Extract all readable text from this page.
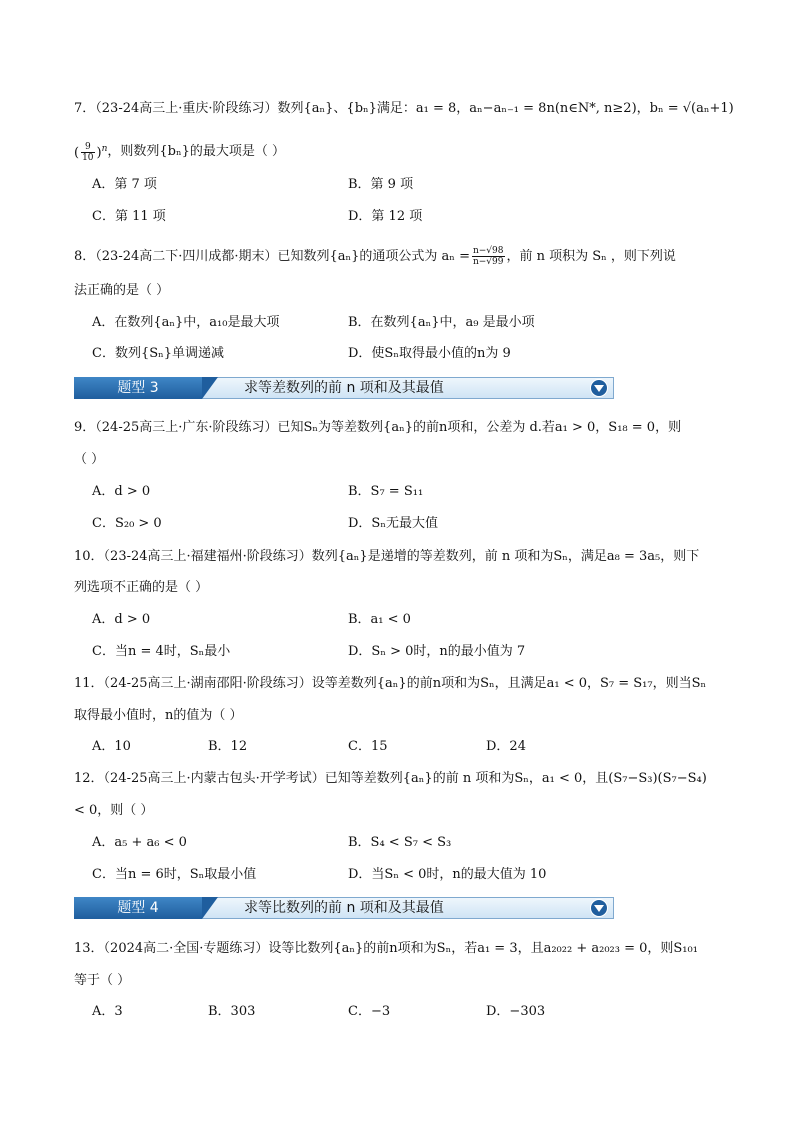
7．（23-24高三上·重庆·阶段练习）数列{aₙ}、{bₙ}满足：a₁ = 8，aₙ−aₙ₋₁ = 8n(n∈N*, n≥2)，bₙ = √(aₙ+1)
( $\frac{9}{10} )^n$，则数列{bₙ}的最大项是（ ）
A．第 7 项	B．第 9 项
C．第 11 项	D．第 12 项
8．（23-24高二下·四川成都·期末）已知数列{aₙ}的通项公式为 $a_n = \frac{n-√98}{n-√99}$ ，前 n 项积为 Sₙ ，则下列说
法正确的是（ ）
A．在数列{aₙ}中，a₁₀是最大项	B．在数列{aₙ}中，a₉ 是最小项
C．数列{Sₙ}单调递减	D．使Sₙ取得最小值的n为 9
题型 3	求等差数列的前 n 项和及其最值
9．（24-25高三上·广东·阶段练习）已知Sₙ为等差数列{aₙ}的前n项和，公差为 d.若a₁ > 0，S₁₈ = 0，则
（ ）
A．d > 0	B．S₇ = S₁₁
C．S₂₀ > 0	D．Sₙ无最大值
10．（23-24高三上·福建福州·阶段练习）数列{aₙ}是递增的等差数列，前 n 项和为Sₙ，满足a₈ = 3a₅，则下
列选项不正确的是（ ）
A．d > 0	B．a₁ < 0
C．当n = 4时，Sₙ最小	D．Sₙ > 0时，n的最小值为 7
11．（24-25高三上·湖南邵阳·阶段练习）设等差数列{aₙ}的前n项和为Sₙ，且满足a₁ < 0，S₇ = S₁₇，则当Sₙ
取得最小值时，n的值为（ ）
A．10	B．12	C．15	D．24
12．（24-25高三上·内蒙古包头·开学考试）已知等差数列{aₙ}的前 n 项和为Sₙ，a₁ < 0，且(S₇−S₃)(S₇−S₄)
< 0，则（ ）
A．a₅ + a₆ < 0	B．S₄ < S₇ < S₃
C．当n = 6时，Sₙ取最小值	D．当Sₙ < 0时，n的最大值为 10
题型 4	求等比数列的前 n 项和及其最值
13．（2024高二·全国·专题练习）设等比数列{aₙ}的前n项和为Sₙ，若a₁ = 3，且a₂₀₂₂ + a₂₀₂₃ = 0，则S₁₀₁
等于（ ）
A．3	B．303	C．−3	D．−303
